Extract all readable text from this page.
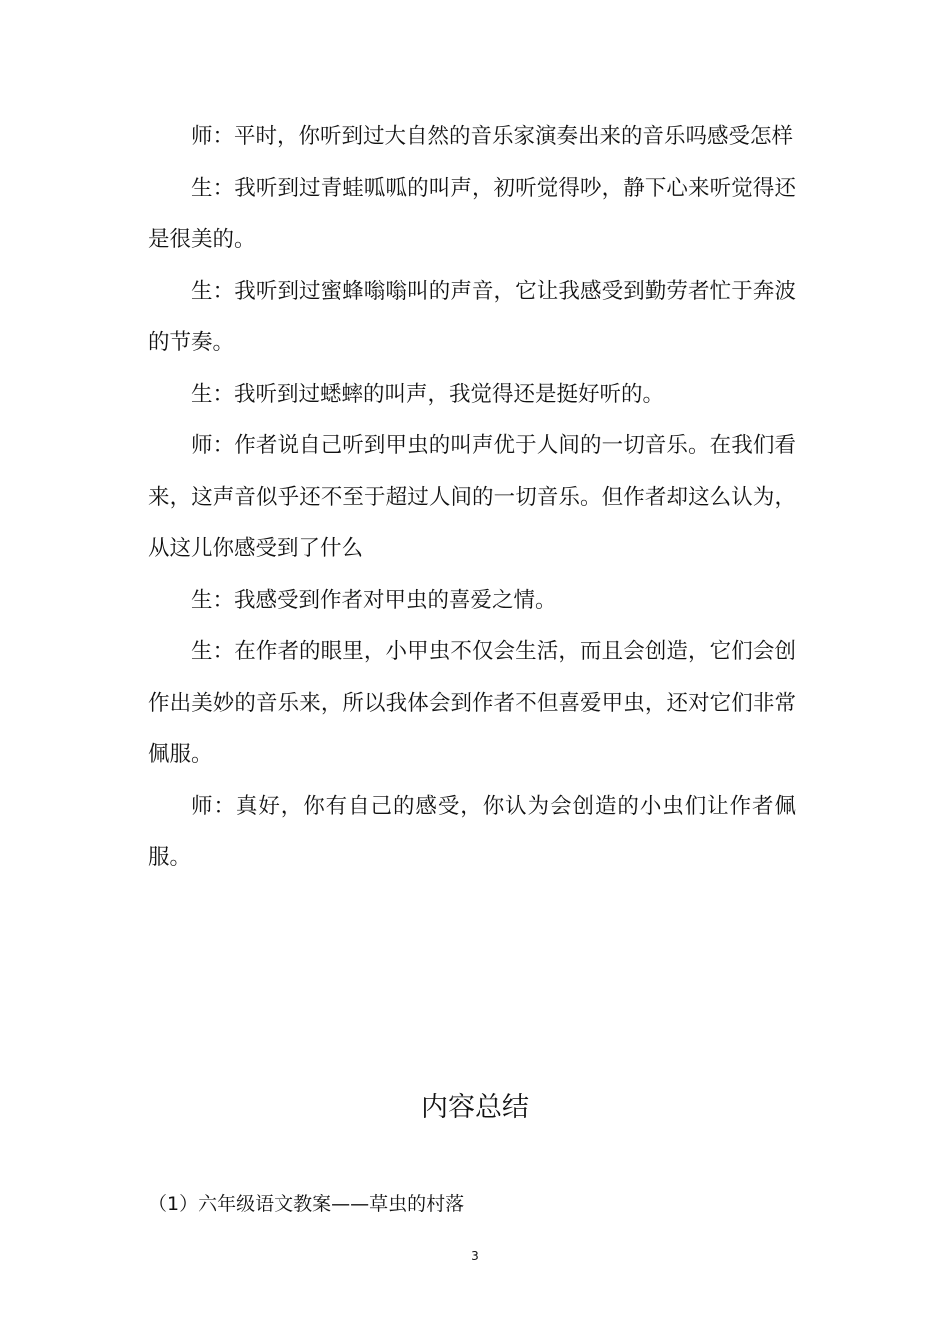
师：平时，你听到过大自然的音乐家演奏出来的音乐吗感受怎样

生：我听到过青蛙呱呱的叫声，初听觉得吵，静下心来听觉得还是很美的。

生：我听到过蜜蜂嗡嗡叫的声音，它让我感受到勤劳者忙于奔波的节奏。

生：我听到过蟋蟀的叫声，我觉得还是挺好听的。

师：作者说自己听到甲虫的叫声优于人间的一切音乐。在我们看来，这声音似乎还不至于超过人间的一切音乐。但作者却这么认为，从这儿你感受到了什么

生：我感受到作者对甲虫的喜爱之情。

生：在作者的眼里，小甲虫不仅会生活，而且会创造，它们会创作出美妙的音乐来，所以我体会到作者不但喜爱甲虫，还对它们非常佩服。

师：真好，你有自己的感受，你认为会创造的小虫们让作者佩服。

内容总结
（1）六年级语文教案——草虫的村落
3
